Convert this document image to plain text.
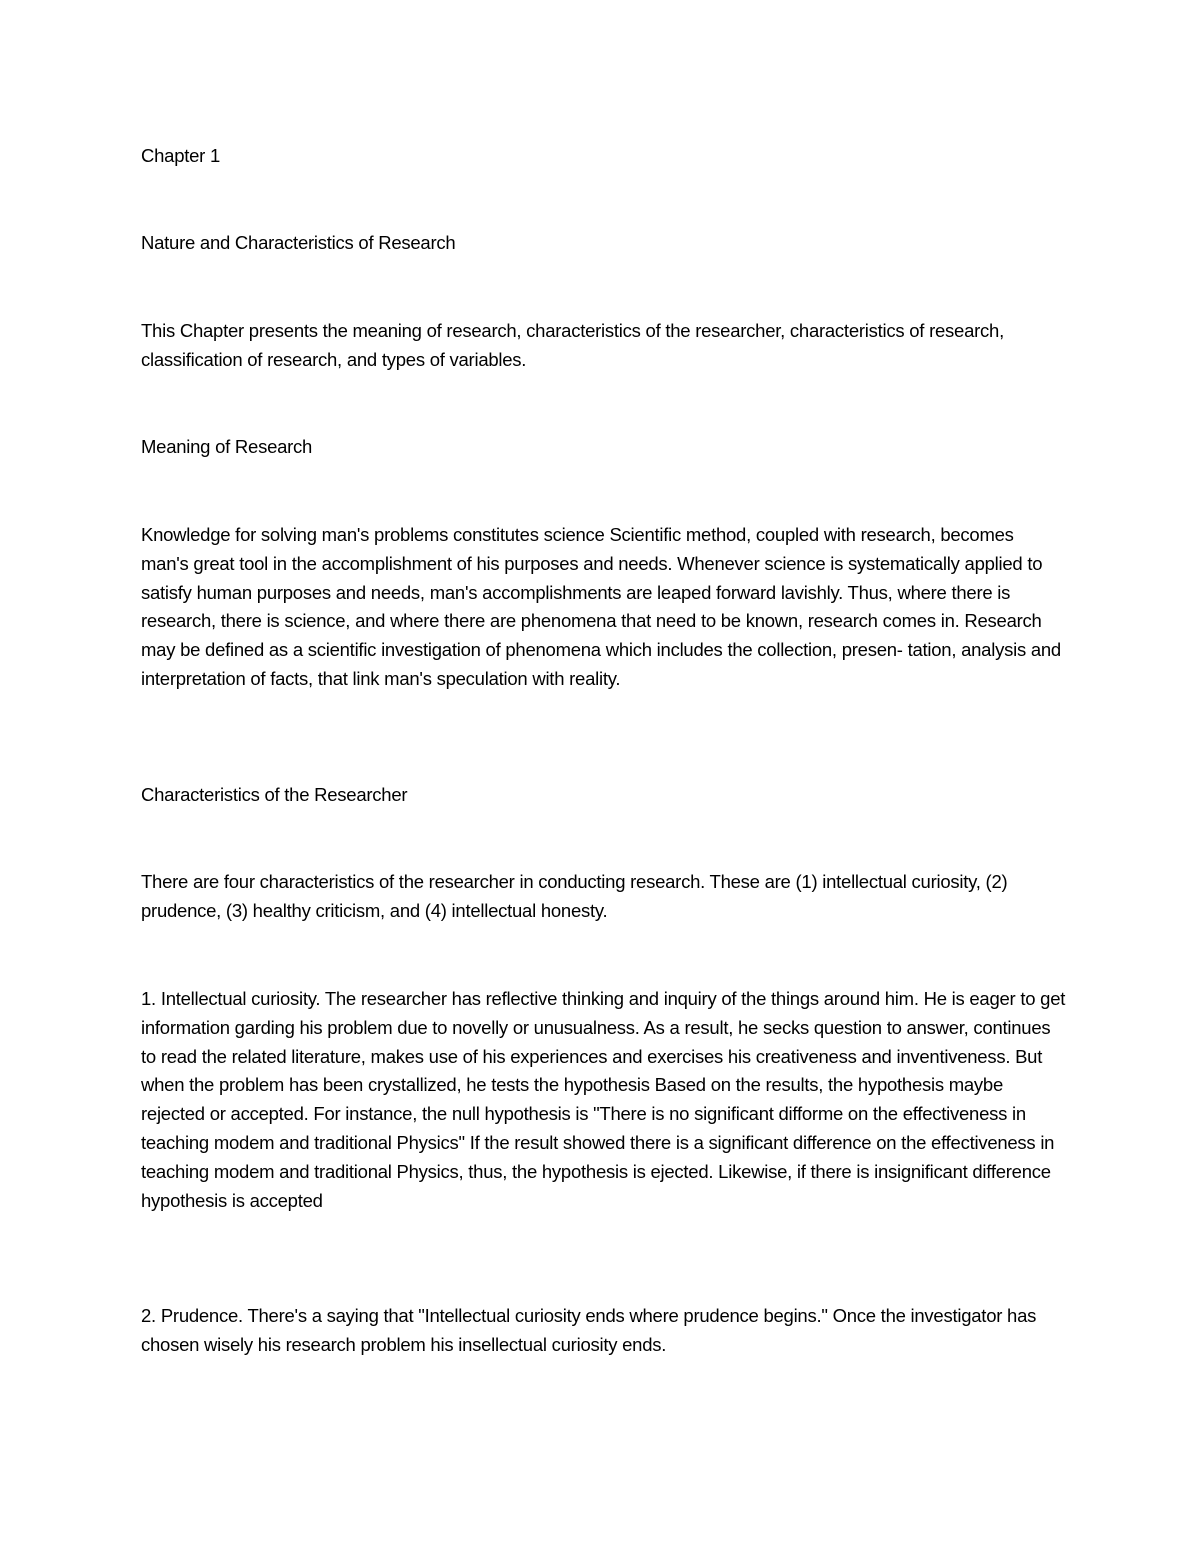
Chapter 1

Nature and Characteristics of Research

This Chapter presents the meaning of research, characteristics of the researcher, characteristics of research, classification of research, and types of variables.

Meaning of Research

Knowledge for solving man's problems constitutes science Scientific method, coupled with research, becomes man's great tool in the accomplishment of his purposes and needs. Whenever science is systematically applied to satisfy human purposes and needs, man's accomplishments are leaped forward lavishly. Thus, where there is research, there is science, and where there are phenomena that need to be known, research comes in. Research may be defined as a scientific investigation of phenomena which includes the collection, presen- tation, analysis and interpretation of facts, that link man's speculation with reality.

Characteristics of the Researcher

There are four characteristics of the researcher in conducting research. These are (1) intellectual curiosity, (2) prudence, (3) healthy criticism, and (4) intellectual honesty.

1. Intellectual curiosity. The researcher has reflective thinking and inquiry of the things around him. He is eager to get information garding his problem due to novelly or unusualness. As a result, he secks question to answer, continues to read the related literature, makes use of his experiences and exercises his creativeness and inventiveness. But when the problem has been crystallized, he tests the hypothesis Based on the results, the hypothesis maybe rejected or accepted. For instance, the null hypothesis is "There is no significant difforme on the effectiveness in teaching modem and traditional Physics" If the result showed there is a significant difference on the effectiveness in teaching modem and traditional Physics, thus, the hypothesis is ejected. Likewise, if there is insignificant difference hypothesis is accepted

2. Prudence. There's a saying that "Intellectual curiosity ends where prudence begins." Once the investigator has chosen wisely his research problem his insellectual curiosity ends.
